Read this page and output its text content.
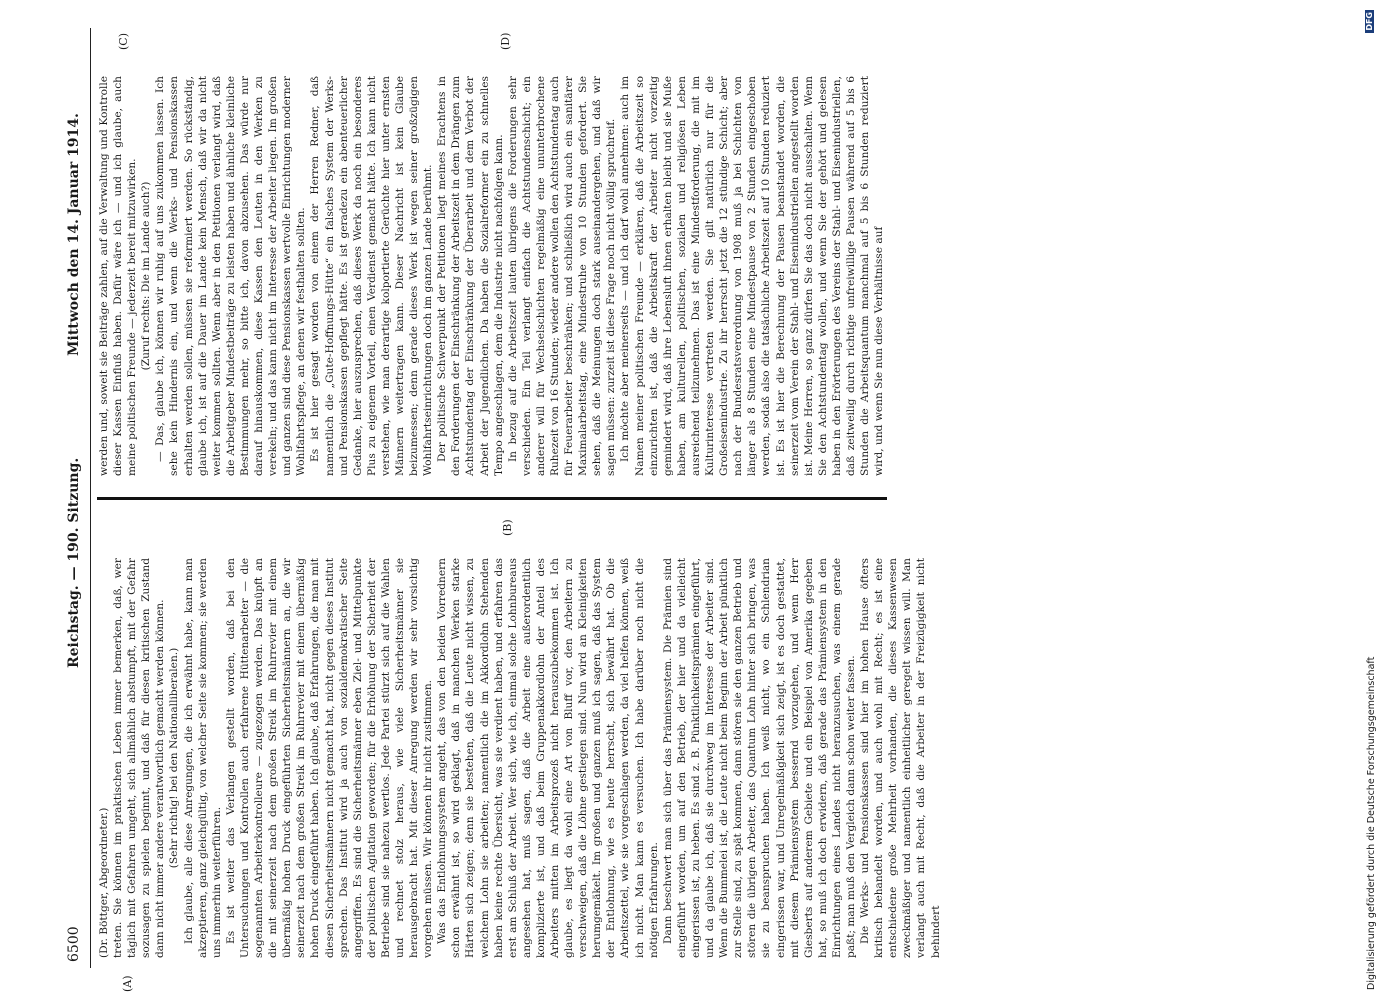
6500
Reichstag. — 190. Sitzung.
Mittwoch den 14. Januar 1914.
(A)
(B)
(C)	(D)

(Dr. Böttger, Abgeordneter.) treten. Sie können im praktischen Leben immer bemerken, daß, wer täglich mit Gefahren umgeht, sich allmählich abstumpft, mit der Gefahr sozusagen zu spielen beginnt, und daß für diesen kritischen Zustand dann nicht immer andere verantwortlich gemacht werden können. (Sehr richtig! bei den Nationalliberalen.) Ich glaube, alle diese Anregungen, die ich erwähnt habe, kann man akzeptieren, ganz gleichgültig, von welcher Seite sie kommen; sie werden uns immerhin weiterführen. Es ist weiter das Verlangen gestellt worden, daß bei den Untersuchungen und Kontrollen auch erfahrene Hüttenarbeiter — die sogenannten Arbeiterkontrolleure — zugezogen werden. Das knüpft an die mit seinerzeit nach dem großen Streik im Ruhrrevier mit einem übermäßig hohen Druck eingeführten Sicherheitsmännern an, die wir seinerzeit nach dem großen Streik im Ruhrrevier mit einem übermäßig hohen Druck eingeführt haben. Ich glaube, daß Erfahrungen, die man mit diesen Sicherheitsmännern nicht gemacht hat, nicht gegen dieses Institut sprechen. Das Institut wird ja auch von sozialdemokratischer Seite angegriffen. Es sind die Sicherheitsmänner eben Ziel- und Mittelpunkte der politischen Agitation geworden; für die Erhöhung der Sicherheit der Betriebe sind sie nahezu wertlos. Jede Partei stürzt sich auf die Wahlen und rechnet stolz heraus, wie viele Sicherheitsmänner sie herausgebracht hat. Mit dieser Anregung werden wir sehr vorsichtig vorgehen müssen. Wir können ihr nicht zustimmen. Was das Entlohnungssystem angeht, das von den beiden Vorrednern schon erwähnt ist, so wird geklagt, daß in manchen Werken starke Härten sich zeigen; denn sie bestehen, daß die Leute nicht wissen, zu welchem Lohn sie arbeiten; namentlich die im Akkordlohn Stehenden haben keine rechte Übersicht, was sie verdient haben, und erfahren das erst am Schluß der Arbeit. Wer sich, wie ich, einmal solche Lohnbureaus angesehen hat, muß sagen, daß die Arbeit eine außerordentlich komplizierte ist, und daß beim Gruppenakkordlohn der Anteil des Arbeiters mitten im Arbeitsprozeß nicht herauszubekommen ist. Ich glaube, es liegt da wohl eine Art von Bluff vor, den Arbeitern zu verschweigen, daß die Löhne gestiegen sind. Nun wird an Kleinigkeiten herumgemäkelt. Im großen und ganzen muß ich sagen, daß das System der Entlohnung, wie es heute herrscht, sich bewährt hat. Ob die Arbeitszettel, wie sie vorgeschlagen werden, da viel helfen können, weiß ich nicht. Man kann es versuchen. Ich habe darüber noch nicht die nötigen Erfahrungen. Dann beschwert man sich über das Prämiensystem. Die Prämien sind eingeführt worden, um auf den Betrieb, der hier und da vielleicht eingerissen ist, zu heben. Es sind z. B. Pünktlichkeitsprämien eingeführt, und da glaube ich, daß sie durchweg im Interesse der Arbeiter sind. Wenn die Bummelei ist, die Leute nicht beim Beginn der Arbeit pünktlich zur Stelle sind, zu spät kommen, dann stören sie den ganzen Betrieb und stören die übrigen Arbeiter, das Quantum Lohn hinter sich bringen, was sie zu beanspruchen haben. Ich weiß nicht, wo ein Schlendrian eingerissen war, und Unregelmäßigkeit sich zeigt, ist es doch gestattet, mit diesem Prämiensystem bessernd vorzugehen, und wenn Herr Giesberts auf anderem Gebiete und ein Beispiel von Amerika gegeben hat, so muß ich doch erwidern, daß gerade das Prämiensystem in den Einrichtungen eines Landes nicht heranzusuchen, was einem gerade paßt; man muß den Vergleich dann schon weiter fassen. Die Werks- und Pensionskassen sind hier im hohen Hause öfters kritisch behandelt worden, und auch wohl mit Recht; es ist eine entschiedene große Mehrheit vorhanden, die dieses Kassenwesen zweckmäßiger und namentlich einheitlicher geregelt wissen will. Man verlangt auch mit Recht, daß die Arbeiter in der Freizügigkeit nicht behindert

werden und, soweit sie Beiträge zahlen, auf die Verwaltung und Kontrolle dieser Kassen Einfluß haben. Dafür wäre ich — und ich glaube, auch meine politischen Freunde — jederzeit bereit mitzuwirken. (Zuruf rechts: Die im Lande auch?) — Das, glaube ich, können wir ruhig auf uns zukommen lassen. Ich sehe kein Hindernis ein, und wenn die Werks- und Pensionskassen erhalten werden sollen, müssen sie reformiert werden. So rückständig, glaube ich, ist auf die Dauer im Lande kein Mensch, daß wir da nicht weiter kommen sollten. Wenn aber in den Petitionen verlangt wird, daß die Arbeitgeber Mindestbeiträge zu leisten haben und ähnliche kleinliche Bestimmungen mehr, so bitte ich, davon abzusehen. Das würde nur darauf hinauskommen, diese Kassen den Leuten in den Werken zu verekeln; und das kann nicht im Interesse der Arbeiter liegen. Im großen und ganzen sind diese Pensionskassen wertvolle Einrichtungen moderner Wohlfahrtspflege, an denen wir festhalten sollten. Es ist hier gesagt worden von einem der Herren Redner, daß namentlich die „Gute-Hoffnungs-Hütte“ ein falsches System der Werks- und Pensionskassen gepflegt hätte. Es ist geradezu ein abenteuerlicher Gedanke, hier auszusprechen, daß dieses Werk da noch ein besonderes Plus zu eigenem Vorteil, einen Verdienst gemacht hätte. Ich kann nicht verstehen, wie man derartige kolportierte Gerüchte hier unter ernsten Männern weitertragen kann. Dieser Nachricht ist kein Glaube beizumessen; denn gerade dieses Werk ist wegen seiner großzügigen Wohlfahrtseinrichtungen doch im ganzen Lande berühmt. Der politische Schwerpunkt der Petitionen liegt meines Erachtens in den Forderungen der Einschränkung der Arbeitszeit in dem Drängen zum Achtstundentag der Einschränkung der Überarbeit und dem Verbot der Arbeit der Jugendlichen. Da haben die Sozialreformer ein zu schnelles Tempo angeschlagen, dem die Industrie nicht nachfolgen kann. In bezug auf die Arbeitszeit lauten übrigens die Forderungen sehr verschieden. Ein Teil verlangt einfach die Achtstundenschicht; ein anderer will für Wechselschichten regelmäßig eine ununterbrochene Ruhezeit von 16 Stunden; wieder andere wollen den Achtstundentag auch für Feuerarbeiter beschränken; und schließlich wird auch ein sanitärer Maximalarbeitstag, eine Mindestruhe von 10 Stunden gefordert. Sie sehen, daß die Meinungen doch stark auseinandergehen, und daß wir sagen müssen: zurzeit ist diese Frage noch nicht völlig spruchreif. Ich möchte aber meinerseits — und ich darf wohl annehmen: auch im Namen meiner politischen Freunde — erklären, daß die Arbeitszeit so einzurichten ist, daß die Arbeitskraft der Arbeiter nicht vorzeitig gemindert wird, daß ihre Lebensluft ihnen erhalten bleibt und sie Muße haben, am kulturellen, politischen, sozialen und religiösen Leben ausreichend teilzunehmen. Das ist eine Mindestforderung, die mit im Kulturinteresse vertreten werden. Sie gilt natürlich nur für die Großeisenindustrie. Zu ihr herrscht jetzt die 12 stündige Schicht; aber nach der Bundesratsverordnung von 1908 muß ja bei Schichten von länger als 8 Stunden eine Mindestpause von 2 Stunden eingeschoben werden, sodaß also die tatsächliche Arbeitszeit auf 10 Stunden reduziert ist. Es ist hier die Berechnung der Pausen beanstandet worden, die seinerzeit vom Verein der Stahl- und Eisenindustriellen angestellt worden ist. Meine Herren, so ganz dürfen Sie das doch nicht ausschalten. Wenn Sie den Achtstundentag wollen, und wenn Sie der gehört und gelesen haben in den Erörterungen des Vereins der Stahl- und Eisenindustriellen, daß zeitweilig durch richtige unfreiwillige Pausen während auf 5 bis 6 Stunden die Arbeitsquantum manchmal auf 5 bis 6 Stunden reduziert wird, und wenn Sie nun diese Verhältnisse auf

Digitalisierung gefördert durch die Deutsche Forschungsgemeinschaft
DFG
